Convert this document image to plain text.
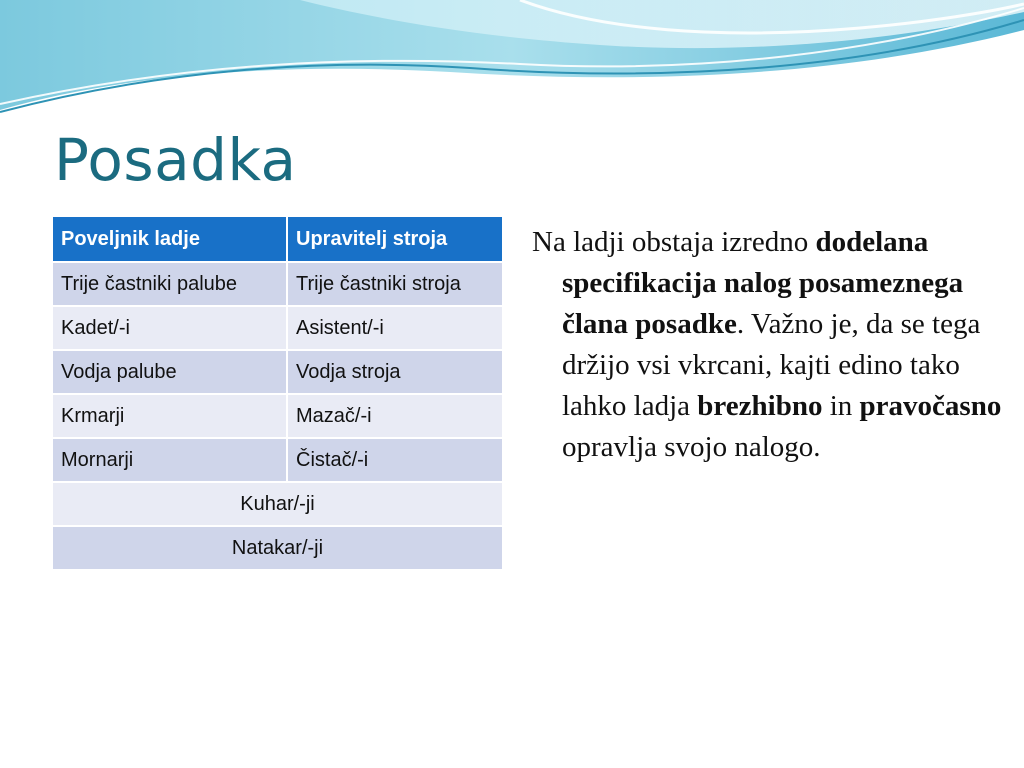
Posadka
Poveljnik ladje	Upravitelj stroja
Trije častniki palube	Trije častniki stroja
Kadet/-i	Asistent/-i
Vodja palube	Vodja stroja
Krmarji	Mazač/-i
Mornarji	Čistač/-i
Kuhar/-ji	
Natakar/-ji	
Na ladji obstaja izredno dodelana specifikacija nalog posameznega člana posadke. Važno je, da se tega držijo vsi vkrcani, kajti edino tako lahko ladja brezhibno in pravočasno opravlja svojo nalogo.
